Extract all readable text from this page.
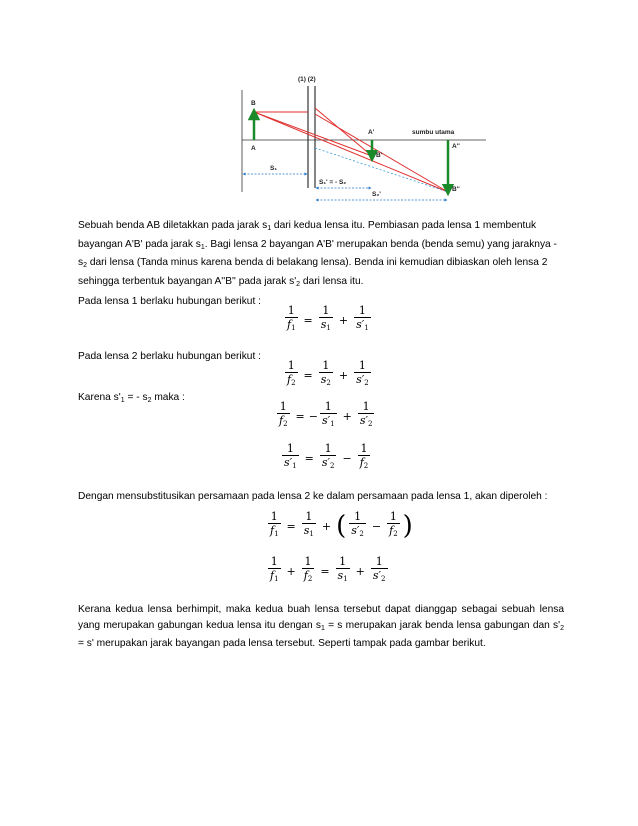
(1) (2)
sumbu utama
B
A
A'
B'
A''
B''
S₁
S₁' = - S₂
S₂'

Sebuah benda AB diletakkan pada jarak $s_1$ dari kedua lensa itu. Pembiasan pada lensa 1 membentuk bayangan A'B' pada jarak $s_1$. Bagi lensa 2 bayangan A'B' merupakan benda (benda semu) yang jaraknya $-s_2$ dari lensa (Tanda minus karena benda di belakang lensa). Benda ini kemudian dibiaskan oleh lensa 2 sehingga terbentuk bayangan A''B'' pada jarak $s'_2$ dari lensa itu.

Pada lensa 1 berlaku hubungan berikut :

$\frac{1}{f_1} = \frac{1}{s_1} + \frac{1}{s'_1}$

Pada lensa 2 berlaku hubungan berikut :

$\frac{1}{f_2} = \frac{1}{s_2} + \frac{1}{s'_2}$

Karena $s'_1$ = - $s_2$ maka :

$\frac{1}{f_2}$ = − $\frac{1}{s'_1} + \frac{1}{s'_2}$
$\frac{1}{s'_1} = \frac{1}{s'_2} - \frac{1}{f_2}$

Dengan mensubstitusikan persamaan pada lensa 2 ke dalam persamaan pada lensa 1, akan diperoleh :

$\frac{1}{f_1} = \frac{1}{s_1}$ + ( $\frac{1}{s'_2} - \frac{1}{f_2}$ )
$\frac{1}{f_1} + \frac{1}{f_2} = \frac{1}{s_1} + \frac{1}{s'_2}$

Kerana kedua lensa berhimpit, maka kedua buah lensa tersebut dapat dianggap sebagai sebuah lensa yang merupakan gabungan kedua lensa itu dengan $s_1 = s$ merupakan jarak benda lensa gabungan dan $s'_2 = s'$ merupakan jarak bayangan pada lensa tersebut. Seperti tampak pada gambar berikut.
